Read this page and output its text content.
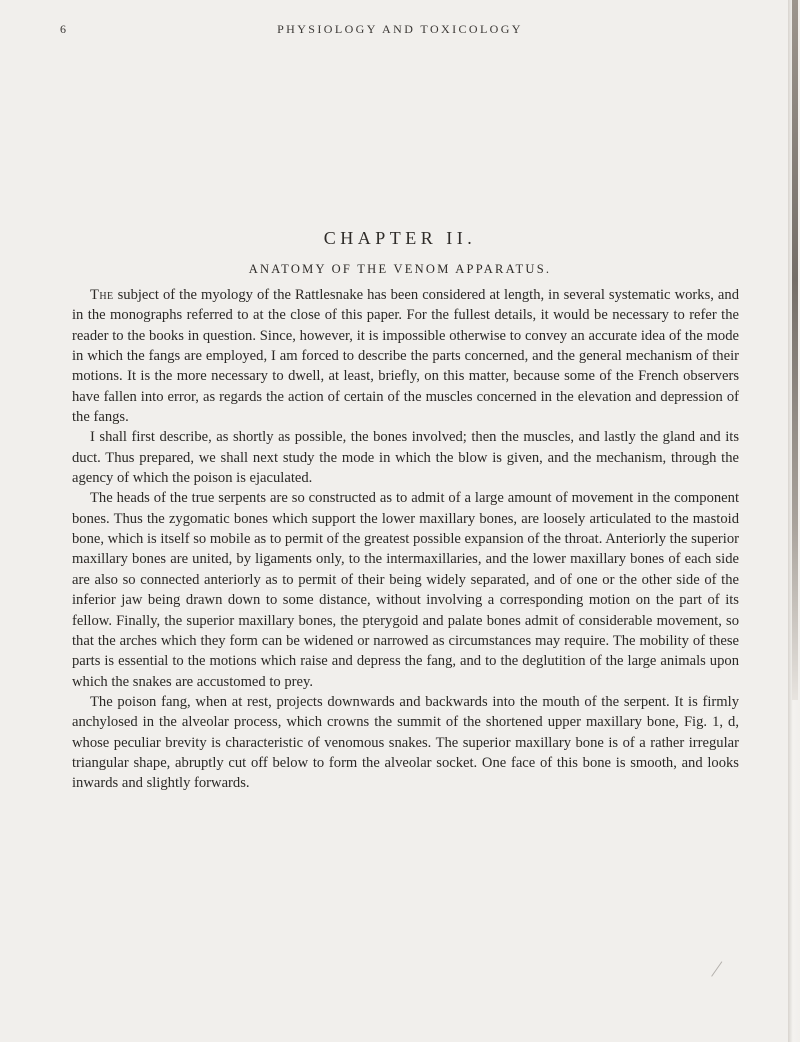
6	PHYSIOLOGY AND TOXICOLOGY
CHAPTER II.
ANATOMY OF THE VENOM APPARATUS.

The subject of the myology of the Rattlesnake has been considered at length, in several systematic works, and in the monographs referred to at the close of this paper. For the fullest details, it would be necessary to refer the reader to the books in question. Since, however, it is impossible otherwise to convey an accurate idea of the mode in which the fangs are employed, I am forced to describe the parts concerned, and the general mechanism of their motions. It is the more necessary to dwell, at least, briefly, on this matter, because some of the French observers have fallen into error, as regards the action of certain of the muscles concerned in the elevation and depression of the fangs.

I shall first describe, as shortly as possible, the bones involved; then the muscles, and lastly the gland and its duct. Thus prepared, we shall next study the mode in which the blow is given, and the mechanism, through the agency of which the poison is ejaculated.

The heads of the true serpents are so constructed as to admit of a large amount of movement in the component bones. Thus the zygomatic bones which support the lower maxillary bones, are loosely articulated to the mastoid bone, which is itself so mobile as to permit of the greatest possible expansion of the throat. Anteriorly the superior maxillary bones are united, by ligaments only, to the intermaxillaries, and the lower maxillary bones of each side are also so connected anteriorly as to permit of their being widely separated, and of one or the other side of the inferior jaw being drawn down to some distance, without involving a corresponding motion on the part of its fellow. Finally, the superior maxillary bones, the pterygoid and palate bones admit of considerable movement, so that the arches which they form can be widened or narrowed as circumstances may require. The mobility of these parts is essential to the motions which raise and depress the fang, and to the deglutition of the large animals upon which the snakes are accustomed to prey.

The poison fang, when at rest, projects downwards and backwards into the mouth of the serpent. It is firmly anchylosed in the alveolar process, which crowns the summit of the shortened upper maxillary bone, Fig. 1, d, whose peculiar brevity is characteristic of venomous snakes. The superior maxillary bone is of a rather irregular triangular shape, abruptly cut off below to form the alveolar socket. One face of this bone is smooth, and looks inwards and slightly forwards.
